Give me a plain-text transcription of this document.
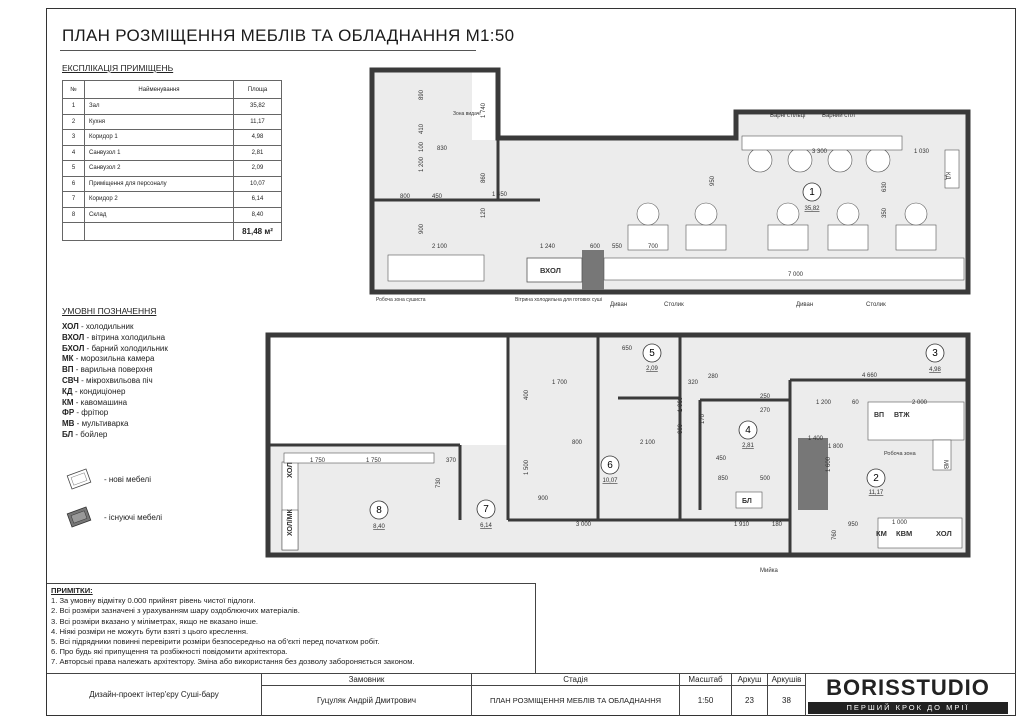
ПЛАН РОЗМІЩЕННЯ МЕБЛІВ ТА ОБЛАДНАННЯ М1:50
ЕКСПЛІКАЦІЯ ПРИМІЩЕНЬ
№	Найменування	Площа
1	Зал	35,82
2	Кухня	11,17
3	Коридор 1	4,98
4	Санвузол 1	2,81
5	Санвузол 2	2,09
6	Приміщення для персоналу	10,07
7	Коридор 2	6,14
8	Склад	8,40
		81,48 м²
УМОВНІ ПОЗНАЧЕННЯ
ХОЛ - холодильник
ВХОЛ - вітрина холодильна
БХОЛ - барний холодильник
МК - морозильна камера
ВП - варильна поверхня
СВЧ - мікрохвильова піч
КД - кондиціонер
КМ - кавомашина
ФР - фрітюр
МВ - мультиварка
БЛ - бойлер
- нові мебелі
- існуючі мебелі
1
35,82
ВХОЛ
КД
Барні стільці	Барний стіл
Зона видачі
Робоча зона сушиста	Вітрина холодильна для готових суші
Диван	Столик	Диван	Столик
3 300	1 030
7 000
2 100	1 240
1 450
830
450
800
600	700
550
1 740
1 200
950
860
890
410
100
120
900
350
630
2
11,17
3
4,98
4
2,81
5
2,09
6
10,07
7
6,14
8
8,40
Мийка
Робоча зона
ВП ВТЖ
МВ
КМ КВМ	ХОЛ
ХОЛ
ХОЛ/МК
БЛ
4 660
3 000	1 910
2 100
1 750	1 750
1 700
1 500
1 400
1 600
1 200	2 000
1 000
800
900
370
250
280
320
650
450
500
850
180	950
760
730
1 060
600
170
270
60
1 800
400
ПРИМІТКИ:
1. За умовну відмітку 0.000 прийнят рівень чистої підлоги.
2. Всі розміри зазначені з урахуванням шару оздоблюючих матеріалів.
3. Всі розміри вказано у міліметрах, якщо не вказано інше.
4. Ніякі розміри не можуть бути взяті з цього креслення.
5. Всі підрядники повинні перевірити розміри безпосередньо на об'єкті перед початком робіт.
6. Про будь які припущення та розбіжності повідомити архітектора.
7. Авторські права належать архітектору. Зміна або використання без дозволу забороняється законом.
Дизайн-проект інтер'єру Суші-бару
Замовник
Гуцуляк Андрій Дмитрович
Стадія
ПЛАН РОЗМІЩЕННЯ МЕБЛІВ ТА ОБЛАДНАННЯ
Масштаб
1:50
Аркуш
23
Аркушів
38
BORISSTUDIO
ПЕРШИЙ КРОК ДО МРІЇ
